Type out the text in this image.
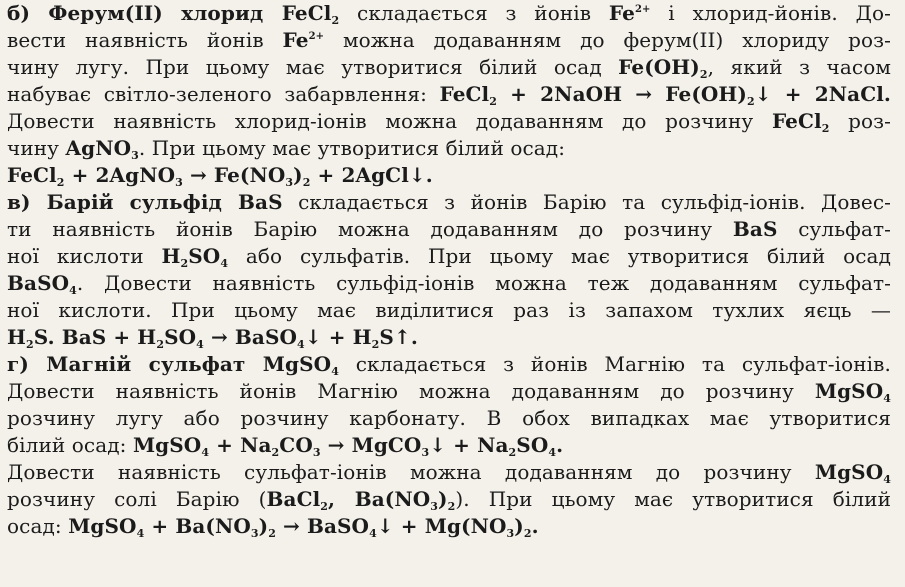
б) Ферум(II) хлорид FeCl$_2$ складається з йонів $Fe^{2+}$ і хлорид-йонів. До-
вести наявність йонів $Fe^{2+}$ можна додаванням до ферум(II) хлориду роз-
чину лугу. При цьому має утворитися білий осад $Fe(OH)_2$, який з часом
набуває світло-зеленого забарвлення: FeCl$_2$ + 2NaOH → $Fe(OH)_2↓$ + 2NaCl.
Довести наявність хлорид-іонів можна додаванням до розчину FeCl$_2$ роз-
чину AgNO$_3$. При цьому має утворитися білий осад:
FeCl$_2$ + 2AgNO$_3$ → $Fe(NO_3)_2$ + 2AgCl↓.
в) Барій сульфід BaS складається з йонів Барію та сульфід-іонів. Довес-
ти наявність йонів Барію можна додаванням до розчину BaS сульфат-
ної кислоти $H_2SO_4$ або сульфатів. При цьому має утворитися білий осад
BaSO$_4$. Довести наявність сульфід-іонів можна теж додаванням сульфат-
ної кислоти. При цьому має виділитися раз із запахом тухлих яєць —
$H_2S$. BaS + $H_2SO_4$ → BaSO$_4$↓ + $H_2S↑$.
г) Магній сульфат MgSO$_4$ складається з йонів Магнію та сульфат-іонів.
Довести наявність йонів Магнію можна додаванням до розчину MgSO$_4$
розчину лугу або розчину карбонату. В обох випадках має утворитися
білий осад: MgSO$_4$ + $Na_2CO_3$ → MgCO$_3$↓ + $Na_2SO_4$.
Довести наявність сульфат-іонів можна додаванням до розчину MgSO$_4$
розчину солі Барію (BaCl$_2$, $Ba(NO_3)_2$). При цьому має утворитися білий
осад: MgSO$_4$ + $Ba(NO_3)_2$ → BaSO$_4$↓ + $Mg(NO_3)_2$.
